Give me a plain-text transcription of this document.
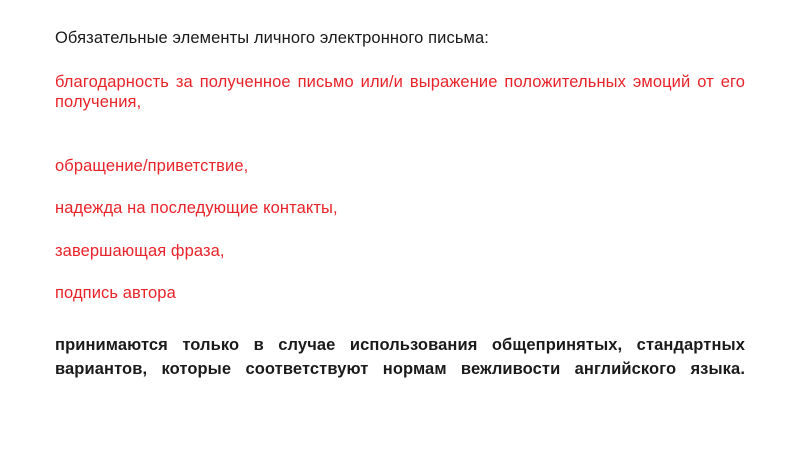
Обязательные элементы личного электронного письма:

благодарность за полученное письмо или/и выражение положительных эмоций от его получения,

обращение/приветствие,

надежда на последующие контакты,

завершающая фраза,

подпись автора

принимаются только в случае использования общепринятых, стандартных вариантов, которые соответствуют нормам вежливости английского языка.
